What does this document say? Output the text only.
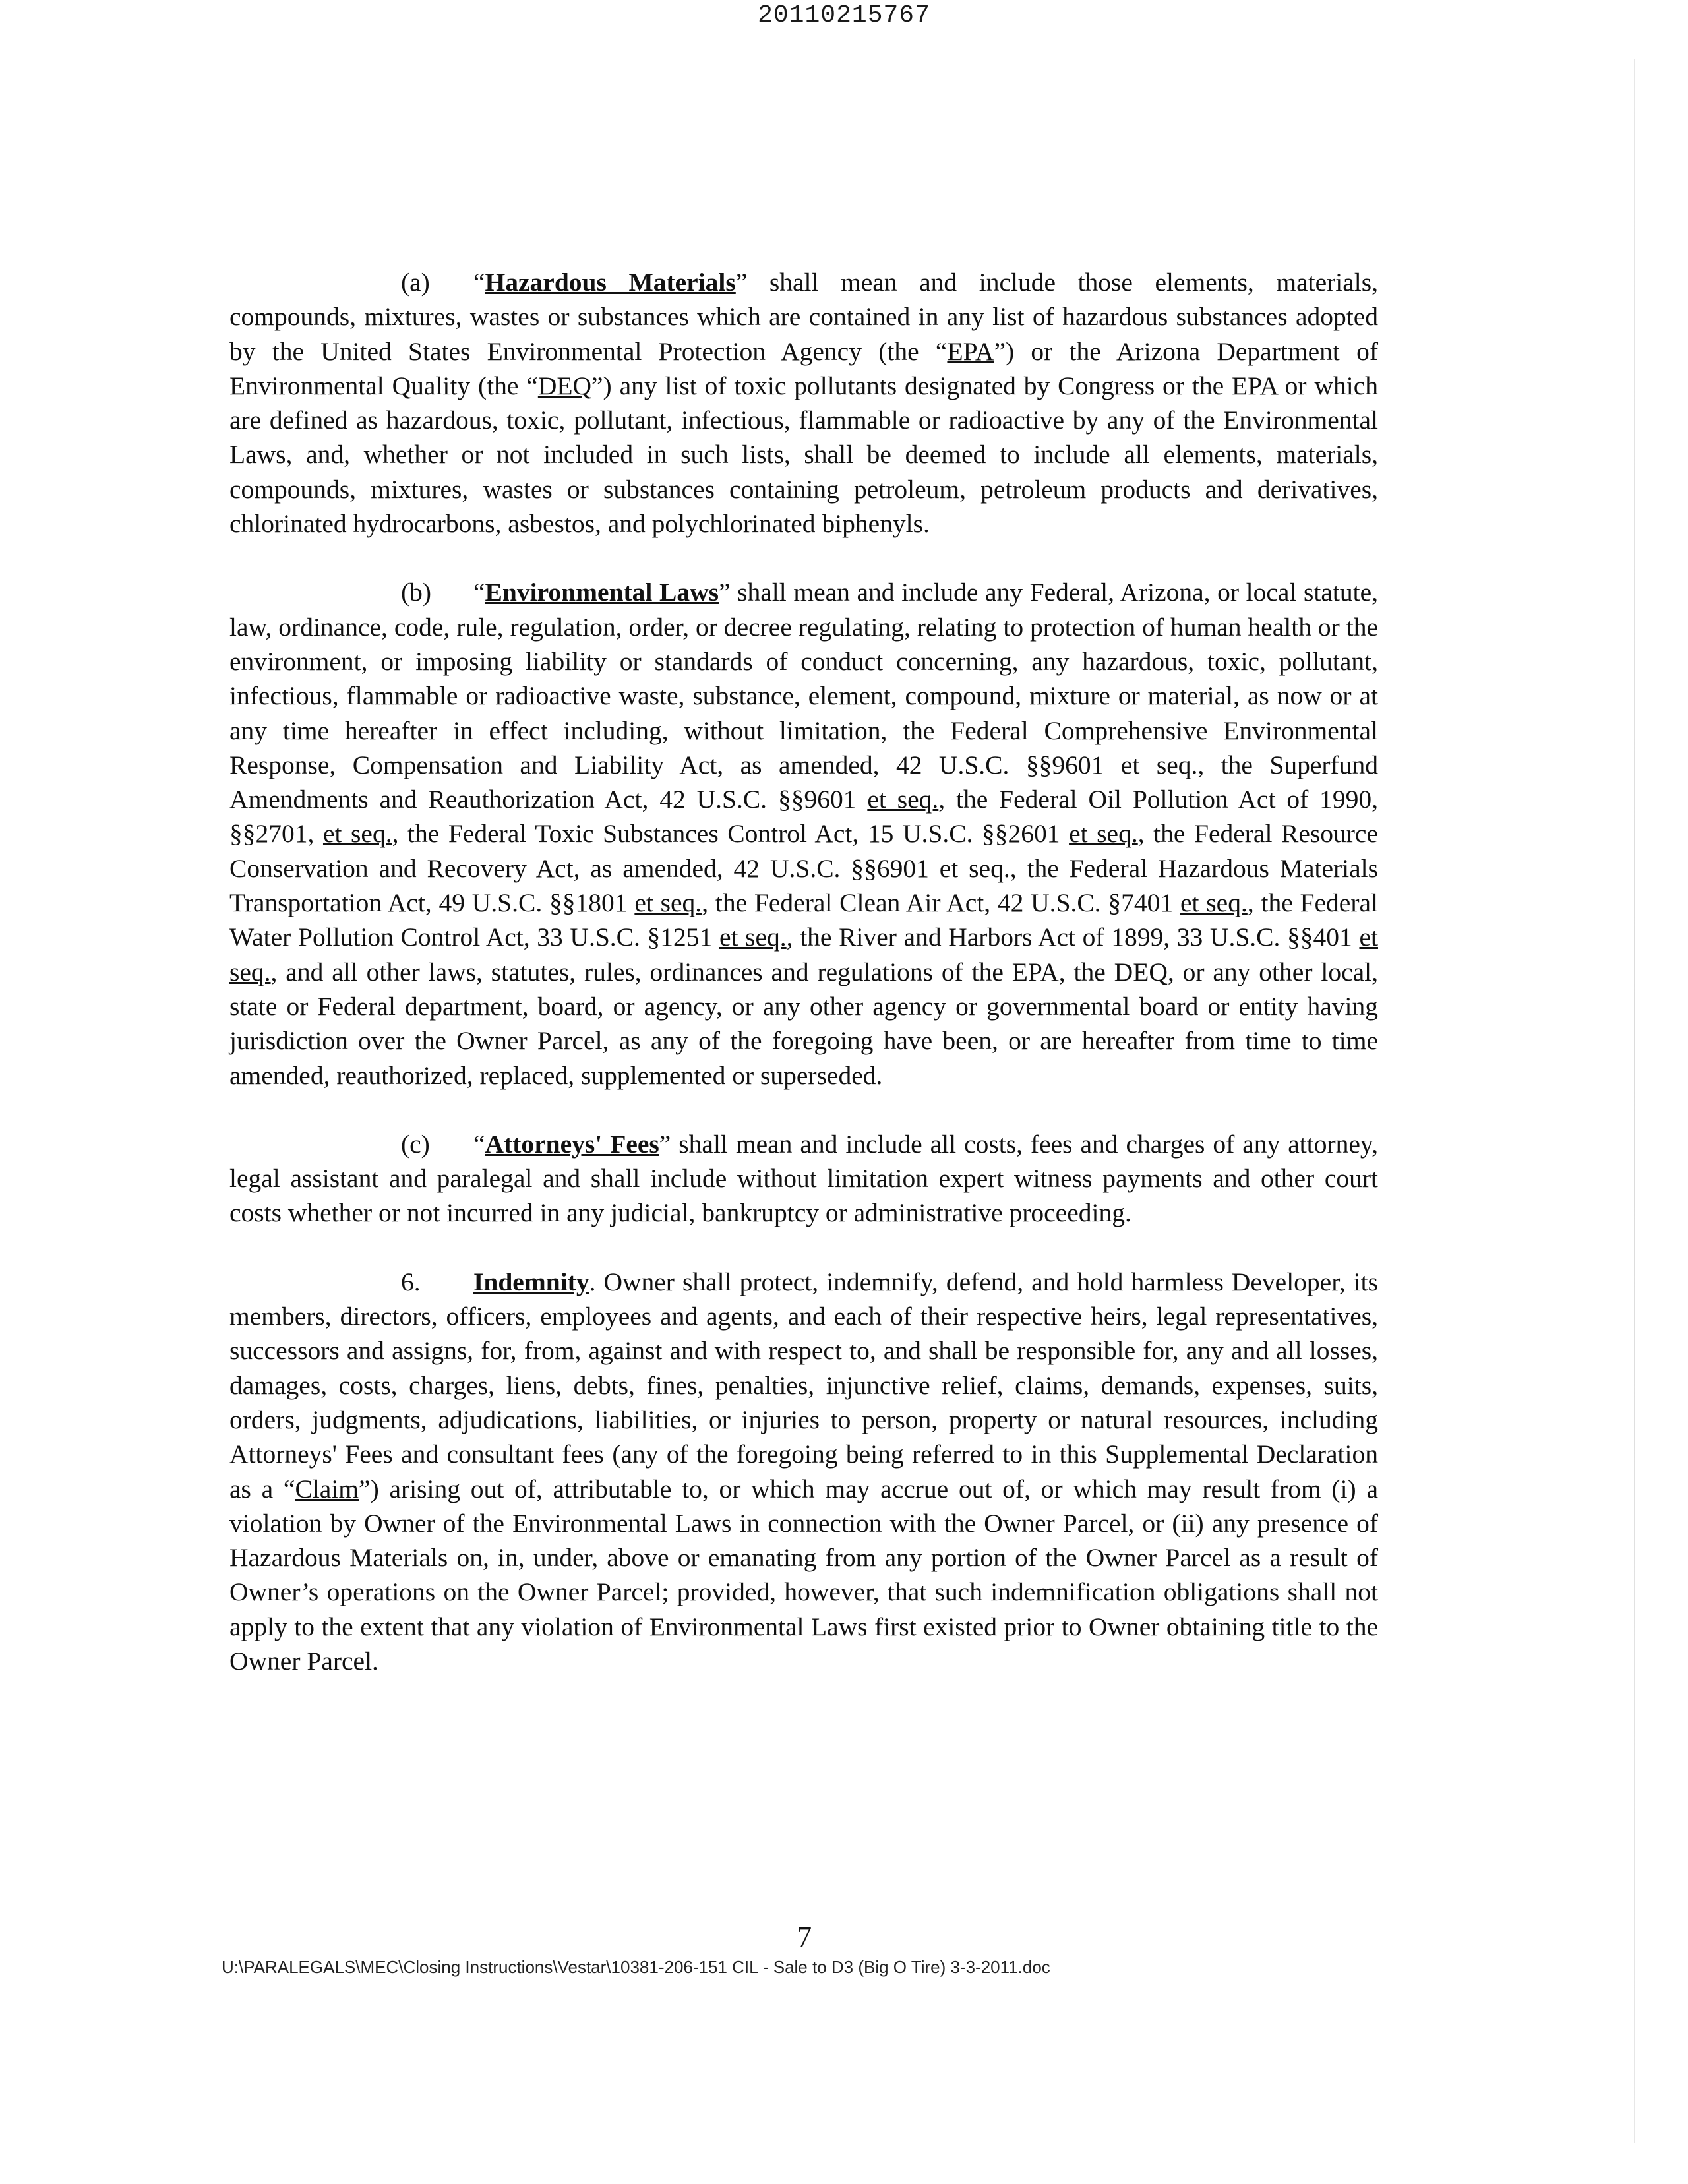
20110215767

(a) “Hazardous Materials” shall mean and include those elements, materials, compounds, mixtures, wastes or substances which are contained in any list of hazardous substances adopted by the United States Environmental Protection Agency (the “EPA”) or the Arizona Department of Environmental Quality (the “DEQ”) any list of toxic pollutants designated by Congress or the EPA or which are defined as hazardous, toxic, pollutant, infectious, flammable or radioactive by any of the Environmental Laws, and, whether or not included in such lists, shall be deemed to include all elements, materials, compounds, mixtures, wastes or substances containing petroleum, petroleum products and derivatives, chlorinated hydrocarbons, asbestos, and polychlorinated biphenyls.

(b) “Environmental Laws” shall mean and include any Federal, Arizona, or local statute, law, ordinance, code, rule, regulation, order, or decree regulating, relating to protection of human health or the environment, or imposing liability or standards of conduct concerning, any hazardous, toxic, pollutant, infectious, flammable or radioactive waste, substance, element, compound, mixture or material, as now or at any time hereafter in effect including, without limitation, the Federal Comprehensive Environmental Response, Compensation and Liability Act, as amended, 42 U.S.C. §§9601 et seq., the Superfund Amendments and Reauthorization Act, 42 U.S.C. §§9601 et seq., the Federal Oil Pollution Act of 1990, §§2701, et seq., the Federal Toxic Substances Control Act, 15 U.S.C. §§2601 et seq., the Federal Resource Conservation and Recovery Act, as amended, 42 U.S.C. §§6901 et seq., the Federal Hazardous Materials Transportation Act, 49 U.S.C. §§1801 et seq., the Federal Clean Air Act, 42 U.S.C. §7401 et seq., the Federal Water Pollution Control Act, 33 U.S.C. §1251 et seq., the River and Harbors Act of 1899, 33 U.S.C. §§401 et seq., and all other laws, statutes, rules, ordinances and regulations of the EPA, the DEQ, or any other local, state or Federal department, board, or agency, or any other agency or governmental board or entity having jurisdiction over the Owner Parcel, as any of the foregoing have been, or are hereafter from time to time amended, reauthorized, replaced, supplemented or superseded.

(c) “Attorneys' Fees” shall mean and include all costs, fees and charges of any attorney, legal assistant and paralegal and shall include without limitation expert witness payments and other court costs whether or not incurred in any judicial, bankruptcy or administrative proceeding.

6. Indemnity. Owner shall protect, indemnify, defend, and hold harmless Developer, its members, directors, officers, employees and agents, and each of their respective heirs, legal representatives, successors and assigns, for, from, against and with respect to, and shall be responsible for, any and all losses, damages, costs, charges, liens, debts, fines, penalties, injunctive relief, claims, demands, expenses, suits, orders, judgments, adjudications, liabilities, or injuries to person, property or natural resources, including Attorneys' Fees and consultant fees (any of the foregoing being referred to in this Supplemental Declaration as a “Claim”) arising out of, attributable to, or which may accrue out of, or which may result from (i) a violation by Owner of the Environmental Laws in connection with the Owner Parcel, or (ii) any presence of Hazardous Materials on, in, under, above or emanating from any portion of the Owner Parcel as a result of Owner’s operations on the Owner Parcel; provided, however, that such indemnification obligations shall not apply to the extent that any violation of Environmental Laws first existed prior to Owner obtaining title to the Owner Parcel.

7
U:\PARALEGALS\MEC\Closing Instructions\Vestar\10381-206-151 CIL - Sale to D3 (Big O Tire) 3-3-2011.doc
